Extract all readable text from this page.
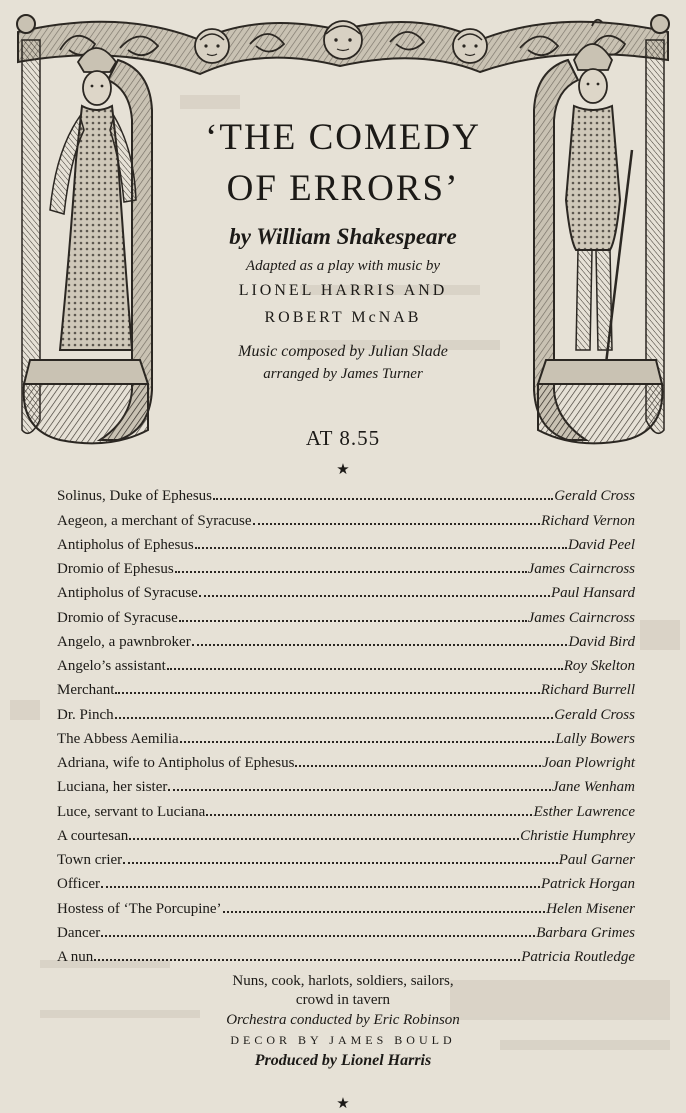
‘THE COMEDY
OF ERRORS’
by William Shakespeare
Adapted as a play with music by
LIONEL HARRIS AND
ROBERT McNAB
Music composed by Julian Slade
arranged by James Turner
AT 8.55
★
Solinus, Duke of Ephesus	Gerald Cross
Aegeon, a merchant of Syracuse	Richard Vernon
Antipholus of Ephesus	David Peel
Dromio of Ephesus	James Cairncross
Antipholus of Syracuse	Paul Hansard
Dromio of Syracuse	James Cairncross
Angelo, a pawnbroker	David Bird
Angelo’s assistant	Roy Skelton
Merchant	Richard Burrell
Dr. Pinch	Gerald Cross
The Abbess Aemilia	Lally Bowers
Adriana, wife to Antipholus of Ephesus	Joan Plowright
Luciana, her sister	Jane Wenham
Luce, servant to Luciana	Esther Lawrence
A courtesan	Christie Humphrey
Town crier	Paul Garner
Officer	Patrick Horgan
Hostess of ‘The Porcupine’	Helen Misener
Dancer	Barbara Grimes
A nun	Patricia Routledge
Nuns, cook, harlots, soldiers, sailors,
crowd in tavern
Orchestra conducted by Eric Robinson
DECOR BY JAMES BOULD
Produced by Lionel Harris
★
